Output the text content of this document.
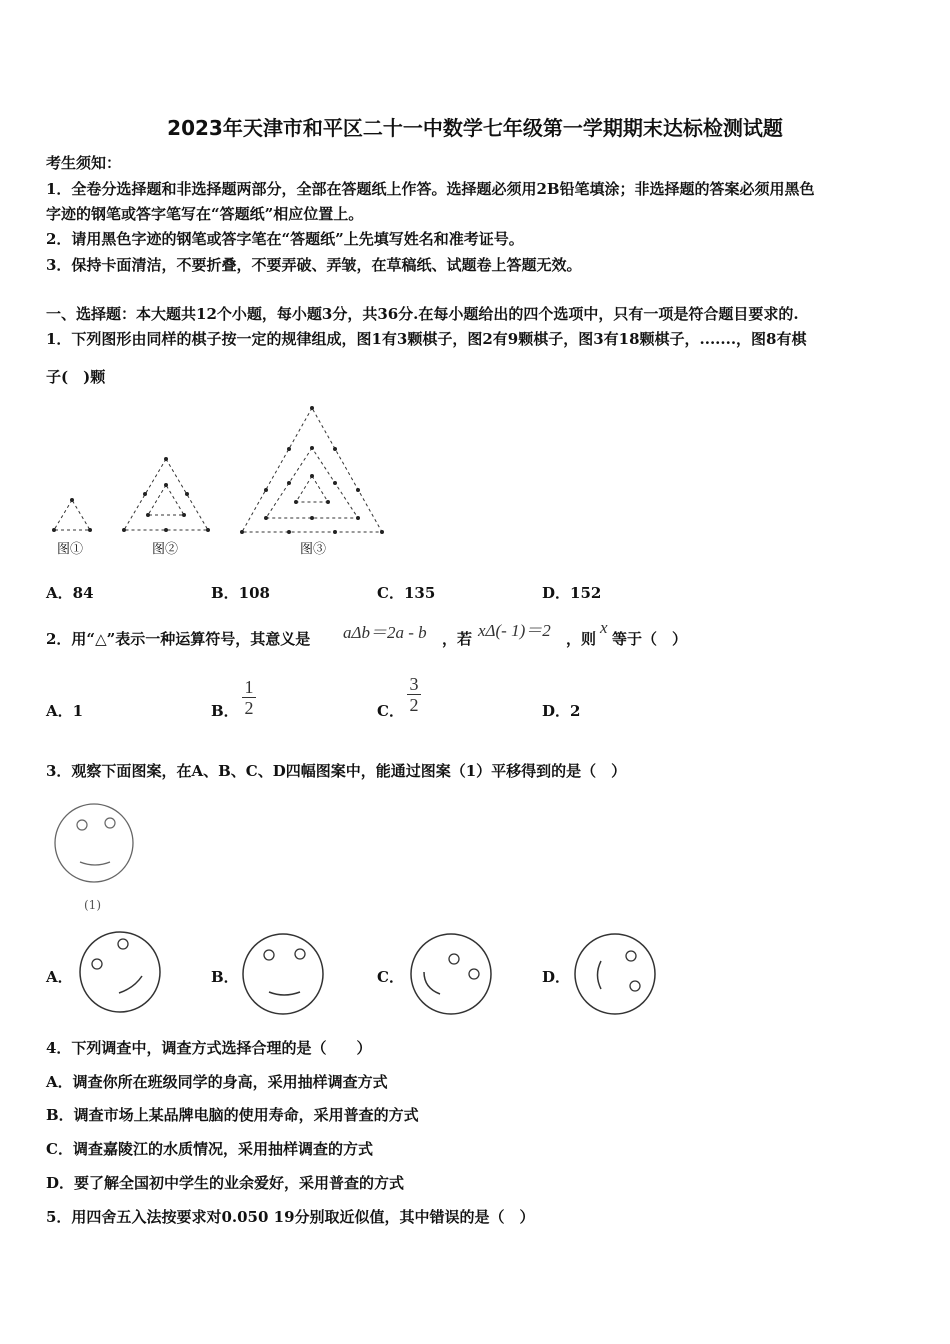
2023年天津市和平区二十一中数学七年级第一学期期末达标检测试题
考生须知：
1．全卷分选择题和非选择题两部分，全部在答题纸上作答。选择题必须用2B铅笔填涂；非选择题的答案必须用黑色
字迹的钢笔或答字笔写在“答题纸”相应位置上。
2．请用黑色字迹的钢笔或答字笔在“答题纸”上先填写姓名和准考证号。
3．保持卡面清洁，不要折叠，不要弄破、弄皱，在草稿纸、试题卷上答题无效。
一、选择题：本大题共12个小题，每小题3分，共36分.在每小题给出的四个选项中，只有一项是符合题目要求的.
1．下列图形由同样的棋子按一定的规律组成，图1有3颗棋子，图2有9颗棋子，图3有18颗棋子，.......，图8有棋
子(　)颗
图①	图②	图③
A．84	B．108	C．135	D．152
2．用“△”表示一种运算符号，其意义是 aΔb＝2a - b ，若 xΔ(- 1)＝2 ，则
x
等于（　）
A．1	B．
1
2	C．
3
2	D．2
3．观察下面图案，在A、B、C、D四幅图案中，能通过图案（1）平移得到的是（　）
(1)
A．	B．	C．	D．
4．下列调查中，调查方式选择合理的是（　　）
A．调查你所在班级同学的身高，采用抽样调查方式
B．调查市场上某品牌电脑的使用寿命，采用普查的方式
C．调查嘉陵江的水质情况，采用抽样调查的方式
D．要了解全国初中学生的业余爱好，采用普查的方式
5．用四舍五入法按要求对0.050 19分别取近似值，其中错误的是（　）
